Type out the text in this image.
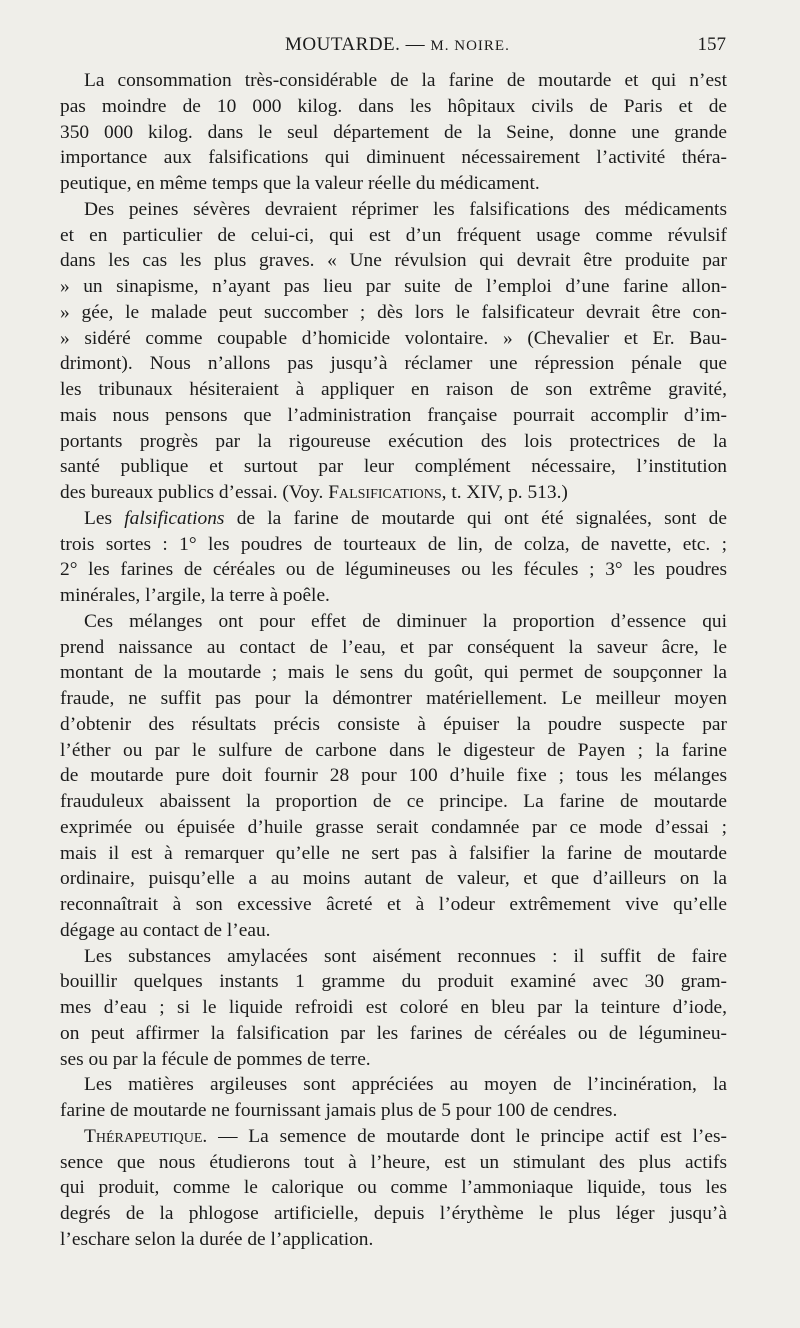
MOUTARDE. — M. NOIRE.	157
La consommation très-considérable de la farine de moutarde et qui n’est
pas moindre de 10 000 kilog. dans les hôpitaux civils de Paris et de
350 000 kilog. dans le seul département de la Seine, donne une grande
importance aux falsifications qui diminuent nécessairement l’activité théra-
peutique, en même temps que la valeur réelle du médicament.
Des peines sévères devraient réprimer les falsifications des médicaments
et en particulier de celui-ci, qui est d’un fréquent usage comme révulsif
dans les cas les plus graves. « Une révulsion qui devrait être produite par
» un sinapisme, n’ayant pas lieu par suite de l’emploi d’une farine allon-
» gée, le malade peut succomber ; dès lors le falsificateur devrait être con-
» sidéré comme coupable d’homicide volontaire. » (Chevalier et Er. Bau-
drimont). Nous n’allons pas jusqu’à réclamer une répression pénale que
les tribunaux hésiteraient à appliquer en raison de son extrême gravité,
mais nous pensons que l’administration française pourrait accomplir d’im-
portants progrès par la rigoureuse exécution des lois protectrices de la
santé publique et surtout par leur complément nécessaire, l’institution
des bureaux publics d’essai. (Voy. Falsifications, t. XIV, p. 513.)
Les falsifications de la farine de moutarde qui ont été signalées, sont de
trois sortes : 1° les poudres de tourteaux de lin, de colza, de navette, etc. ;
2° les farines de céréales ou de légumineuses ou les fécules ; 3° les poudres
minérales, l’argile, la terre à poêle.
Ces mélanges ont pour effet de diminuer la proportion d’essence qui
prend naissance au contact de l’eau, et par conséquent la saveur âcre, le
montant de la moutarde ; mais le sens du goût, qui permet de soupçonner la
fraude, ne suffit pas pour la démontrer matériellement. Le meilleur moyen
d’obtenir des résultats précis consiste à épuiser la poudre suspecte par
l’éther ou par le sulfure de carbone dans le digesteur de Payen ; la farine
de moutarde pure doit fournir 28 pour 100 d’huile fixe ; tous les mélanges
frauduleux abaissent la proportion de ce principe. La farine de moutarde
exprimée ou épuisée d’huile grasse serait condamnée par ce mode d’essai ;
mais il est à remarquer qu’elle ne sert pas à falsifier la farine de moutarde
ordinaire, puisqu’elle a au moins autant de valeur, et que d’ailleurs on la
reconnaîtrait à son excessive âcreté et à l’odeur extrêmement vive qu’elle
dégage au contact de l’eau.
Les substances amylacées sont aisément reconnues : il suffit de faire
bouillir quelques instants 1 gramme du produit examiné avec 30 gram-
mes d’eau ; si le liquide refroidi est coloré en bleu par la teinture d’iode,
on peut affirmer la falsification par les farines de céréales ou de légumineu-
ses ou par la fécule de pommes de terre.
Les matières argileuses sont appréciées au moyen de l’incinération, la
farine de moutarde ne fournissant jamais plus de 5 pour 100 de cendres.
Thérapeutique. — La semence de moutarde dont le principe actif est l’es-
sence que nous étudierons tout à l’heure, est un stimulant des plus actifs
qui produit, comme le calorique ou comme l’ammoniaque liquide, tous les
degrés de la phlogose artificielle, depuis l’érythème le plus léger jusqu’à
l’eschare selon la durée de l’application.
